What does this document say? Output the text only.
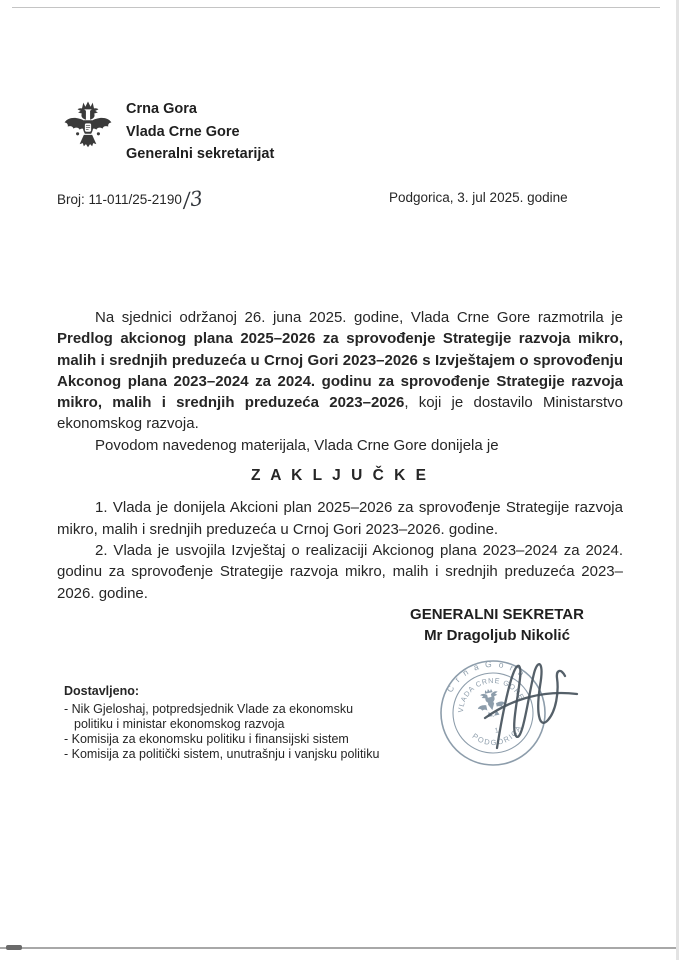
Crna Gora
Vlada Crne Gore
Generalni sekretarijat
Broj: 11-011/25-2190/3	Podgorica, 3. jul 2025. godine

Na sjednici održanoj 26. juna 2025. godine, Vlada Crne Gore razmotrila je Predlog akcionog plana 2025–2026 za sprovođenje Strategije razvoja mikro, malih i srednjih preduzeća u Crnoj Gori 2023–2026 s Izvještajem o sprovođenju Akconog plana 2023–2024 za 2024. godinu za sprovođenje Strategije razvoja mikro, malih i srednjih preduzeća 2023–2026, koji je dostavilo Ministarstvo ekonomskog razvoja.

Povodom navedenog materijala, Vlada Crne Gore donijela je

Z A K L J U Č K E

1. Vlada je donijela Akcioni plan 2025–2026 za sprovođenje Strategije razvoja mikro, malih i srednjih preduzeća u Crnoj Gori 2023–2026. godine.

2. Vlada je usvojila Izvještaj o realizaciji Akcionog plana 2023–2024 za 2024. godinu za sprovođenje Strategije razvoja mikro, malih i srednjih preduzeća 2023–2026. godine.

GENERALNI SEKRETAR
Mr Dragoljub Nikolić
Dostavljeno:
- Nik Gjeloshaj, potpredsjednik Vlade za ekonomsku
politiku i ministar ekonomskog razvoja
- Komisija za ekonomsku politiku i finansijski sistem
- Komisija za politički sistem, unutrašnju i vanjsku politiku
C r n a G o r a
VLADA CRNE GORE
PODGORICA
1
